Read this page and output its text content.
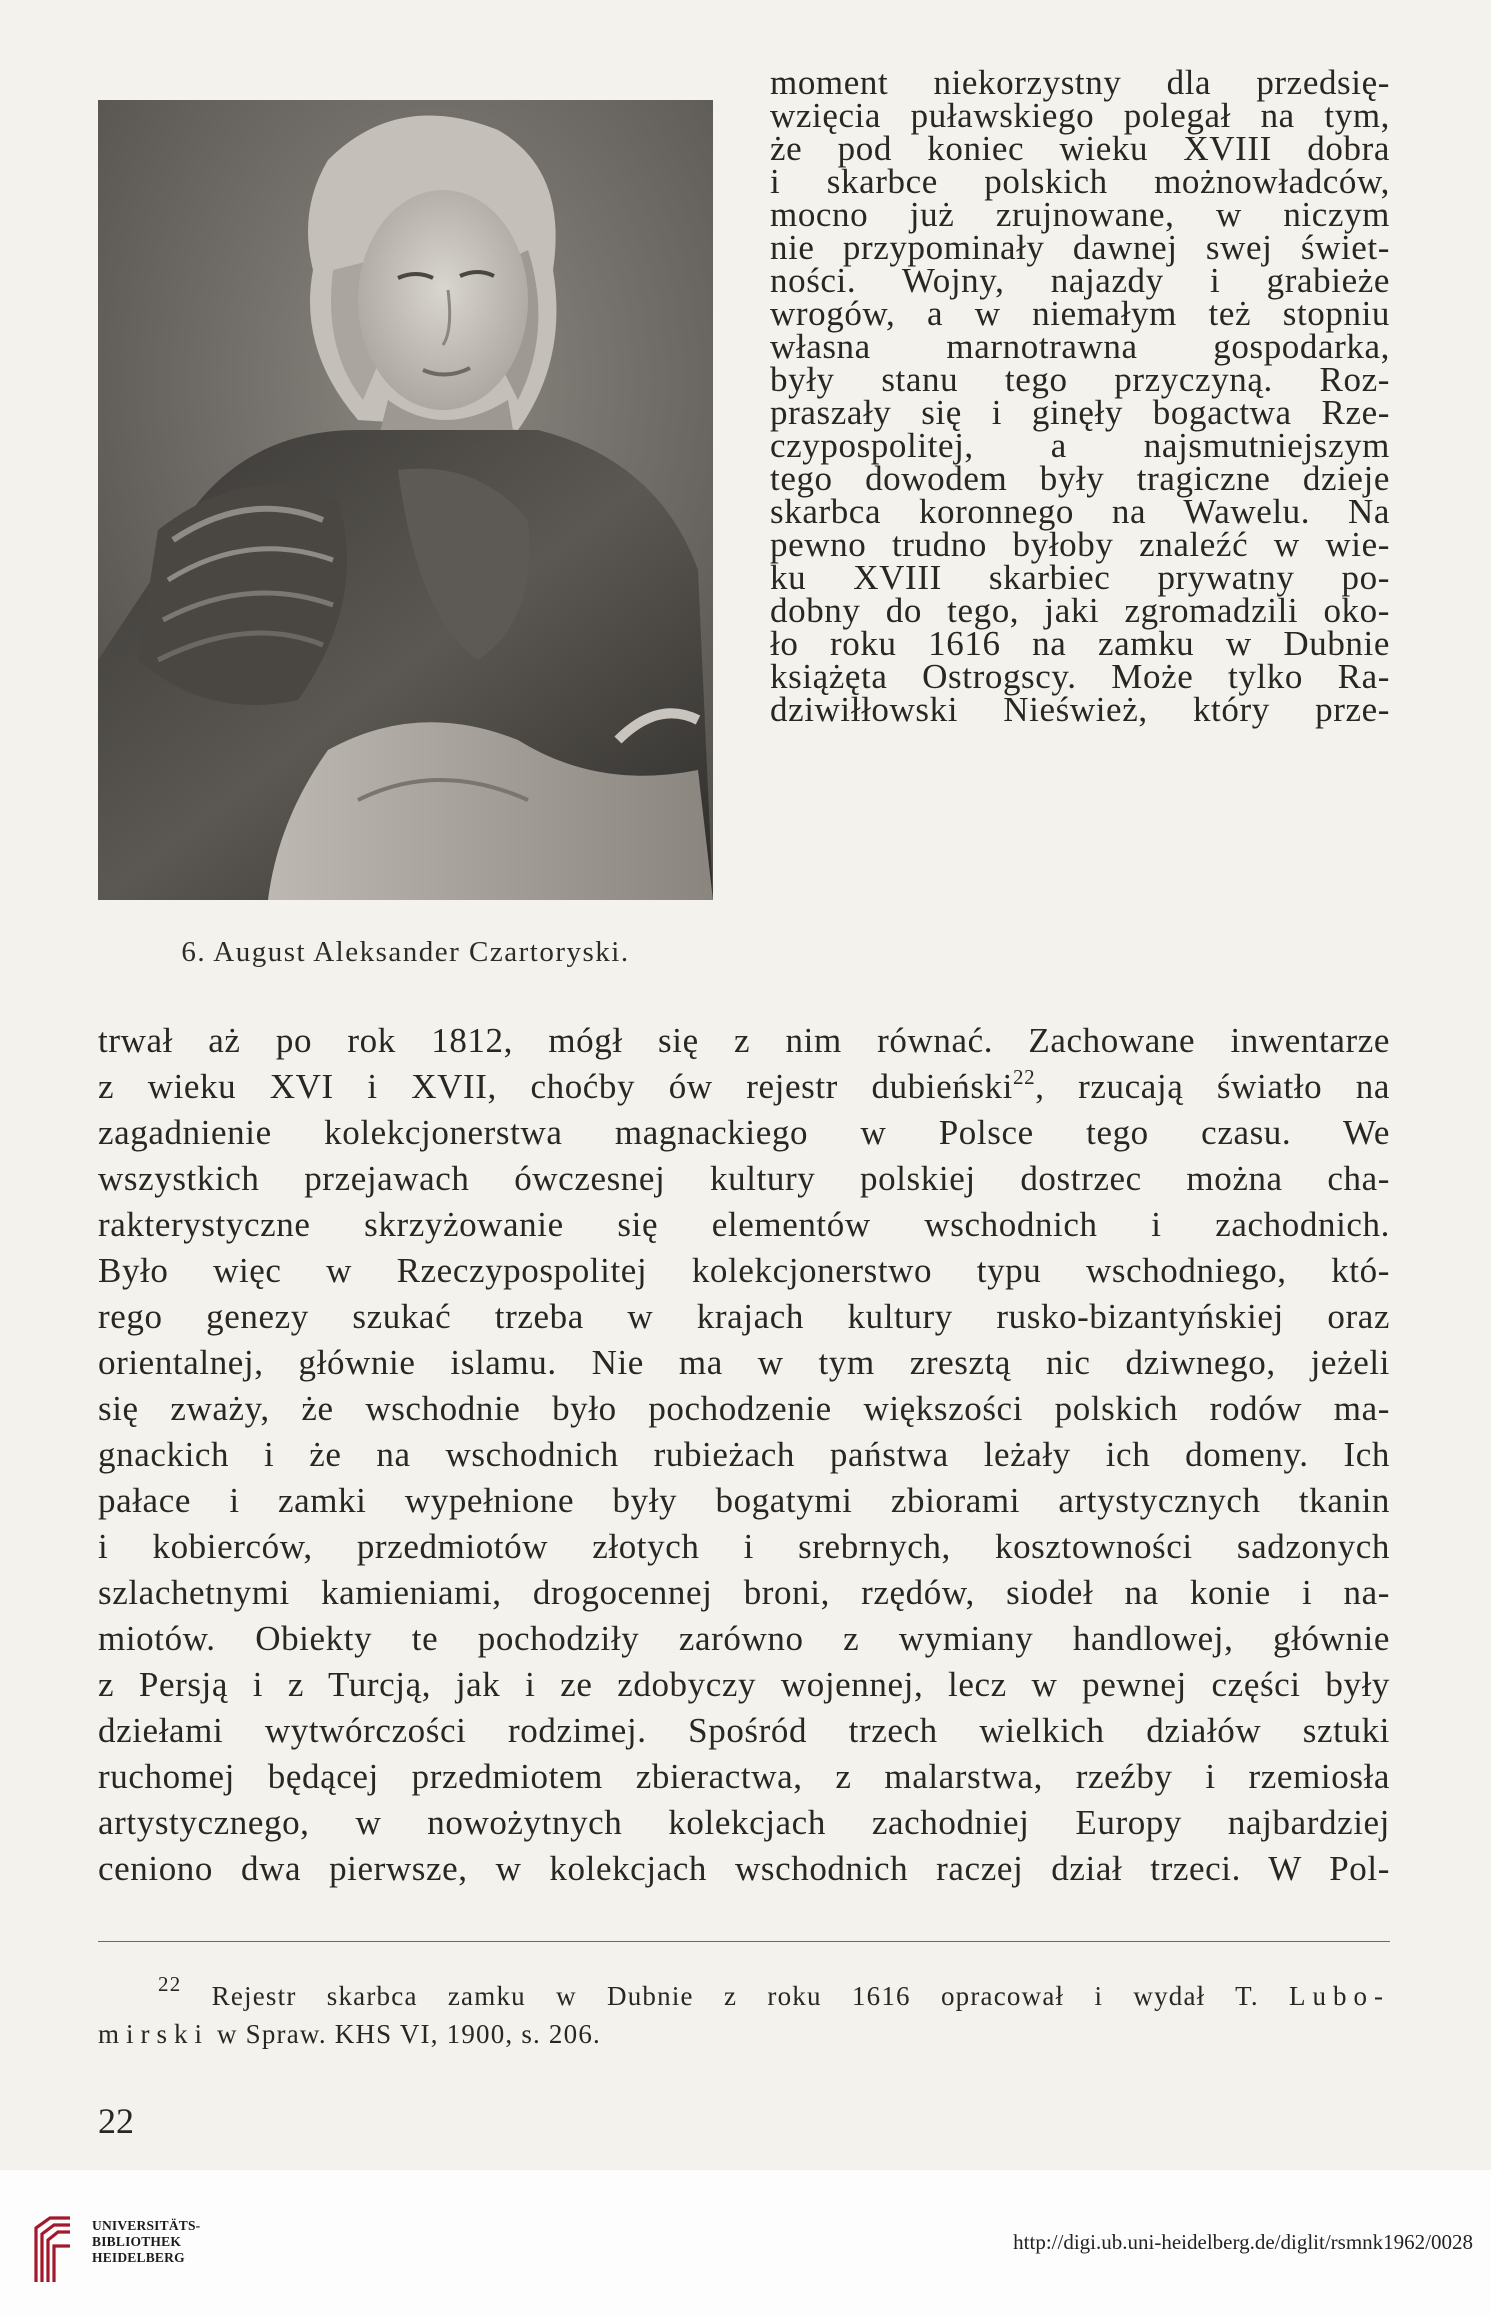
6. August Aleksander Czartoryski.
moment niekorzystny dla przedsię-
wzięcia puławskiego polegał na tym,
że pod koniec wieku XVIII dobra
i skarbce polskich możnowładców,
mocno już zrujnowane, w niczym
nie przypominały dawnej swej świet-
ności. Wojny, najazdy i grabieże
wrogów, a w niemałym też stopniu
własna marnotrawna gospodarka,
były stanu tego przyczyną. Roz-
praszały się i ginęły bogactwa Rze-
czypospolitej, a najsmutniejszym
tego dowodem były tragiczne dzieje
skarbca koronnego na Wawelu. Na
pewno trudno byłoby znaleźć w wie-
ku XVIII skarbiec prywatny po-
dobny do tego, jaki zgromadzili oko-
ło roku 1616 na zamku w Dubnie
książęta Ostrogscy. Może tylko Ra-
dziwiłłowski Nieśwież, który prze-
trwał aż po rok 1812, mógł się z nim równać. Zachowane inwentarze
z wieku XVI i XVII, choćby ów rejestr dubieński$^{22}$, rzucają światło na
zagadnienie kolekcjonerstwa magnackiego w Polsce tego czasu. We
wszystkich przejawach ówczesnej kultury polskiej dostrzec można cha-
rakterystyczne skrzyżowanie się elementów wschodnich i zachodnich.
Było więc w Rzeczypospolitej kolekcjonerstwo typu wschodniego, któ-
rego genezy szukać trzeba w krajach kultury rusko-bizantyńskiej oraz
orientalnej, głównie islamu. Nie ma w tym zresztą nic dziwnego, jeżeli
się zważy, że wschodnie było pochodzenie większości polskich rodów ma-
gnackich i że na wschodnich rubieżach państwa leżały ich domeny. Ich
pałace i zamki wypełnione były bogatymi zbiorami artystycznych tkanin
i kobierców, przedmiotów złotych i srebrnych, kosztowności sadzonych
szlachetnymi kamieniami, drogocennej broni, rzędów, siodeł na konie i na-
miotów. Obiekty te pochodziły zarówno z wymiany handlowej, głównie
z Persją i z Turcją, jak i ze zdobyczy wojennej, lecz w pewnej części były
dziełami wytwórczości rodzimej. Spośród trzech wielkich działów sztuki
ruchomej będącej przedmiotem zbieractwa, z malarstwa, rzeźby i rzemiosła
artystycznego, w nowożytnych kolekcjach zachodniej Europy najbardziej
ceniono dwa pierwsze, w kolekcjach wschodnich raczej dział trzeci. W Pol-
$^{22}$ Rejestr skarbca zamku w Dubnie z roku 1616 opracował i wydał T. Lubo-
mirski w Spraw. KHS VI, 1900, s. 206.
22
UNIVERSITÄTS-
BIBLIOTHEK
HEIDELBERG
http://digi.ub.uni-heidelberg.de/diglit/rsmnk1962/0028
